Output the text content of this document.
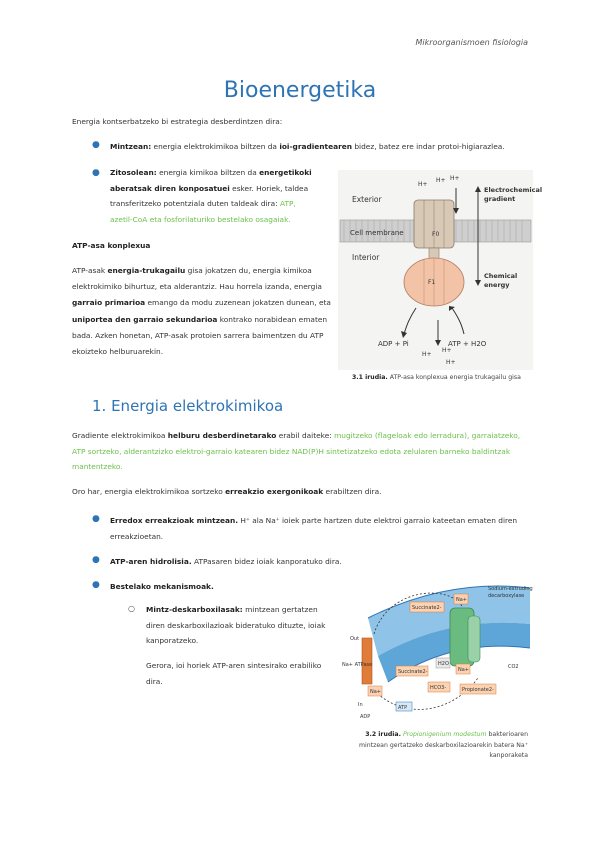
Mikroorganismoen fisiologia
Bioenergetika

Energia kontserbatzeko bi estrategia desberdintzen dira:

● Mintzean: energia elektrokimikoa biltzen da ioi-gradientearen bidez, batez ere indar protoi-higiarazlea.

● Zitosolean: energia kimikoa biltzen da energetikoki aberatsak diren konposatuei esker. Horiek, taldea transferitzeko potentziala duten taldeak dira: ATP, azetil-CoA eta fosforilaturiko bestelako osagaiak.

ATP-asa konplexua

ATP-asak energia-trukagailu gisa jokatzen du, energia kimikoa elektrokimiko bihurtuz, eta alderantziz. Hau horrela izanda, energia garraio primarioa emango da modu zuzenean jokatzen dunean, eta uniportea den garraio sekundarioa kontrako norabidean ematen bada. Azken honetan, ATP-asak protoien sarrera baimentzen du ATP ekoizteko helburuarekin.

Exterior
Interior
Cell membrane
Electrochemical
gradient
Chemical
energy
ADP + Pi	ATP + H2O
F0
F1
H+
H+ H+
H+
H+
H+
3.1 irudia. ATP-asa konplexua energia trukagailu gisa
1. Energia elektrokimikoa

Gradiente elektrokimikoa helburu desberdinetarako erabil daiteke: mugitzeko (flageloak edo lerradura), garraiatzeko, ATP sortzeko, alderantzizko elektroi-garraio katearen bidez NAD(P)H sintetizatzeko edota zelularen barneko baldintzak mantentzeko.

Oro har, energia elektrokimikoa sortzeko erreakzio exergonikoak erabiltzen dira.

● Erredox erreakzioak mintzean. H⁺ ala Na⁺ ioiek parte hartzen dute elektroi garraio kateetan ematen diren erreakzioetan.

● ATP-aren hidrolisia. ATPasaren bidez ioiak kanporatuko dira.

● Bestelako mekanismoak.

○ Mintz-deskarboxilasak: mintzean gertatzen diren deskarboxilazioak bideratuko dituzte, ioiak kanporatzeko.

Gerora, ioi horiek ATP-aren sintesirako erabiliko dira.

Sodium-extruding
decarboxylase
Succinate2-
Na+
Succinate2-
H2O
Na+
HCO3-	Propionate2-
Out
Na+ ATPase
Na+
In
ADP
ATP
CO2
3.2 irudia. Propionigenium modestum bakterioaren mintzean gertatzeko deskarboxilazioarekin batera Na⁺ kanporaketa
